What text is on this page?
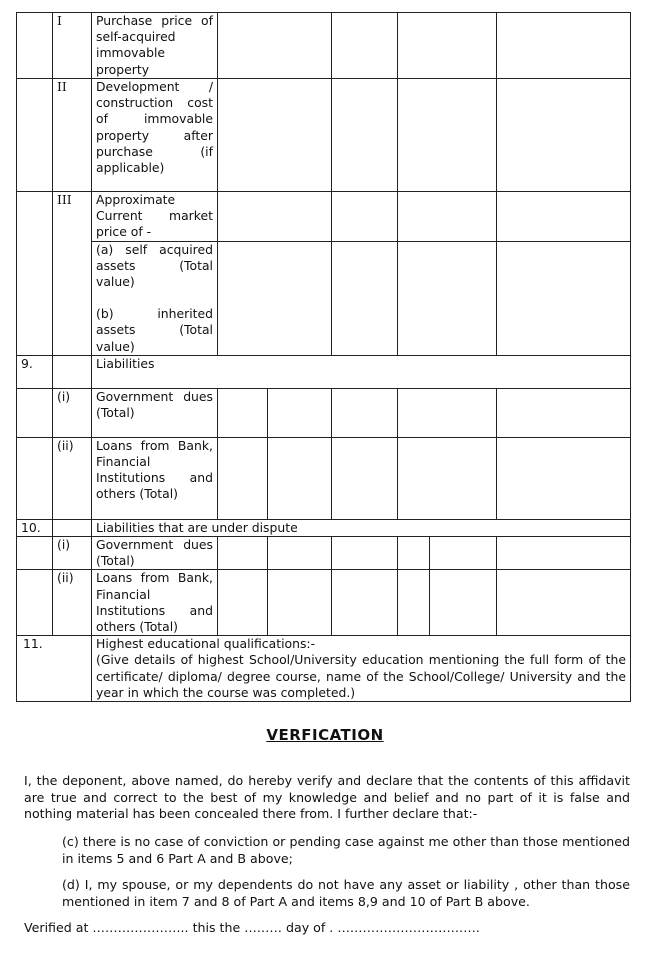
	I	Purchase price of self-acquired immovable property						
	II	Development / construction cost of immovable property after purchase (if applicable)						
	III	Approximate Current market price of -						

		(a) self acquired assets (Total value)
(b) inherited assets (Total value)						

9.		Liabilities						
	(i)	Government dues (Total)						
	(ii)	Loans from Bank, Financial Institutions and others (Total)						
10.		Liabilities that are under dispute						
	(i)	Government dues (Total)						
	(ii)	Loans from Bank, Financial Institutions and others (Total)						
11.		Highest educational qualifications:-

(Give details of highest School/University education mentioning the full form of the certificate/ diploma/ degree course, name of the School/College/ University and the year in which the course was completed.)						

VERFICATION

I, the deponent, above named, do hereby verify and declare that the contents of this affidavit are true and correct to the best of my knowledge and belief and no part of it is false and nothing material has been concealed there from. I further declare that:-

(c) there is no case of conviction or pending case against me other than those mentioned in items 5 and 6 Part A and B above;

(d) I, my spouse, or my dependents do not have any asset or liability , other than those mentioned in item 7 and 8 of Part A and items 8,9 and 10 of Part B above.

Verified at ………………….. this the ……… day of . …………………………….
